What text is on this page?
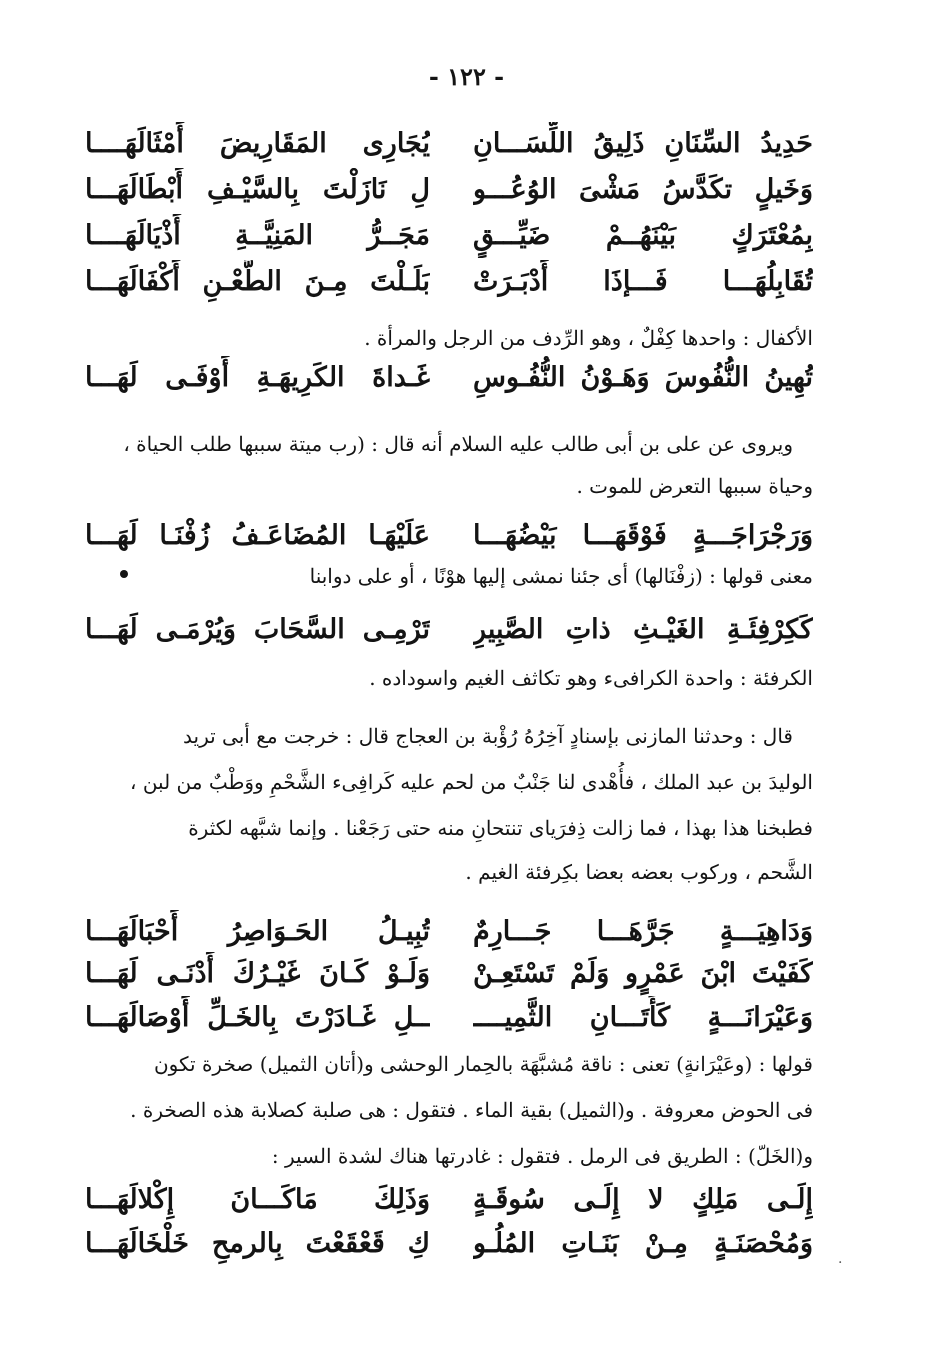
- ١٢٢ -
حَدِيدُ السِّنَانِ ذَلِيقُ اللِّسَـــانِ
يُجَارِى المَقَارِيضَ أَمْثَالَهَــــا
وَخَيلٍ تكَدَّسُ مَشْىَ الوُعُـــو
لِ نَازَلْتَ بِالسَّيْـفِ أَبْطَالَهَـــا
بِمُعْتَرَكٍ بَيْنَهُــمْ ضَيِّـــقٍ
مَجَــرُّ المَنِيَّــةِ أَذْيَالَهَــــا
تُقَابِلُهَـــا فَـــإذَا أَدْبَـرَتْ
بَلَـلْتَ مِـنَ الطَّعْـنِ أَكْفَالَهَـــا
الأكفال : واحدها كِفْلٌ ، وهو الرِّدف من الرجل والمرأة .
تُهِينُ النُّفُوسَ وَهَـوْنُ النُّفُـوسِ
غَـداةَ الكَرِيهَـةِ أَوْفَـى لَهَـــا
ويروى عن على بن أبى طالب عليه السلام أنه قال : (رب ميتة سببها طلب الحياة ،
وحياة سببها التعرض للموت .
وَرَجْرَاجَـــةٍ فَوْقَهَـــا بَيْضُهَـــا
عَلَيْهَـا المُضَاعَـفُ زُفْنَـا لَهَـــا
معنى قولها : (زفْنَالها) أى جئنا نمشى إليها هوْنًا ، أو على دوابنا
كَكِرْفِئَـةِ الغَيْـثِ ذاتِ الصَّبِيرِ
تَرْمِـى السَّحَابَ وَيُرْمَـى لَهَـــا
الكرفئة : واحدة الكرافىء وهو تكاثف الغيم واسوداده .
قال : وحدثنا المازنى بإسنادٍ آخِرُهُ رُؤْبة بن العجاج قال : خرجت مع أبى تريد
الوليدَ بن عبد الملك ، فأُهْدى لنا جَنْبٌ من لحم عليه كَرافِىء الشَّحْمِ ووَطْبٌ من لبن ،
فطبخنا هذا بهذا ، فما زالت ذِفرَياى تنتحانِ منه حتى رَجَعْنا . وإنما شبَّهه لكثرة
الشَّحم ، وركوب بعضه بعضا بكِرفئة الغيم .
وَدَاهِيَـــةٍ جَرَّهَـــا جَـــارِمٌ
تُبِيـلُ الحَـوَاصِرُ أَحْبَالَهَـــا
كَفَيْتَ ابْنَ عَمْرٍو وَلَمْ تَسْتَعِـنْ
وَلَـوْ كَـانَ غَيْـرُكَ أَدْنَـى لَهَـــا
وَعَيْرَانَـــةٍ كَأَتَـــانِ الثَّمِيــــ
ــلِ غَـادَرْتَ بِالخَـلِّ أَوْصَالَهَـــا
قولها : (وعَيْرَانةٍ) تعنى : ناقة مُشبَّهَة بالحِمار الوحشى و(أتان الثميل) صخرة تكون
فى الحوض معروفة . و(الثميل) بقية الماء . فتقول : هى صلبة كصلابة هذه الصخرة .
و(الخَلّ) : الطريق فى الرمل . فتقول : غادرتها هناك لشدة السير :
إِلَـى مَلِكٍ لا إِلَـى سُوقَـةٍ
وَذَلِكَ مَاكَـــانَ إِكْلالَهَـــا
وَمُحْصَنَـةٍ مِـنْ بَنَـاتِ المُلُـو
كِ قَعْقَعْتَ بِالرمحِ خَلْخَالَهَـــا
·
